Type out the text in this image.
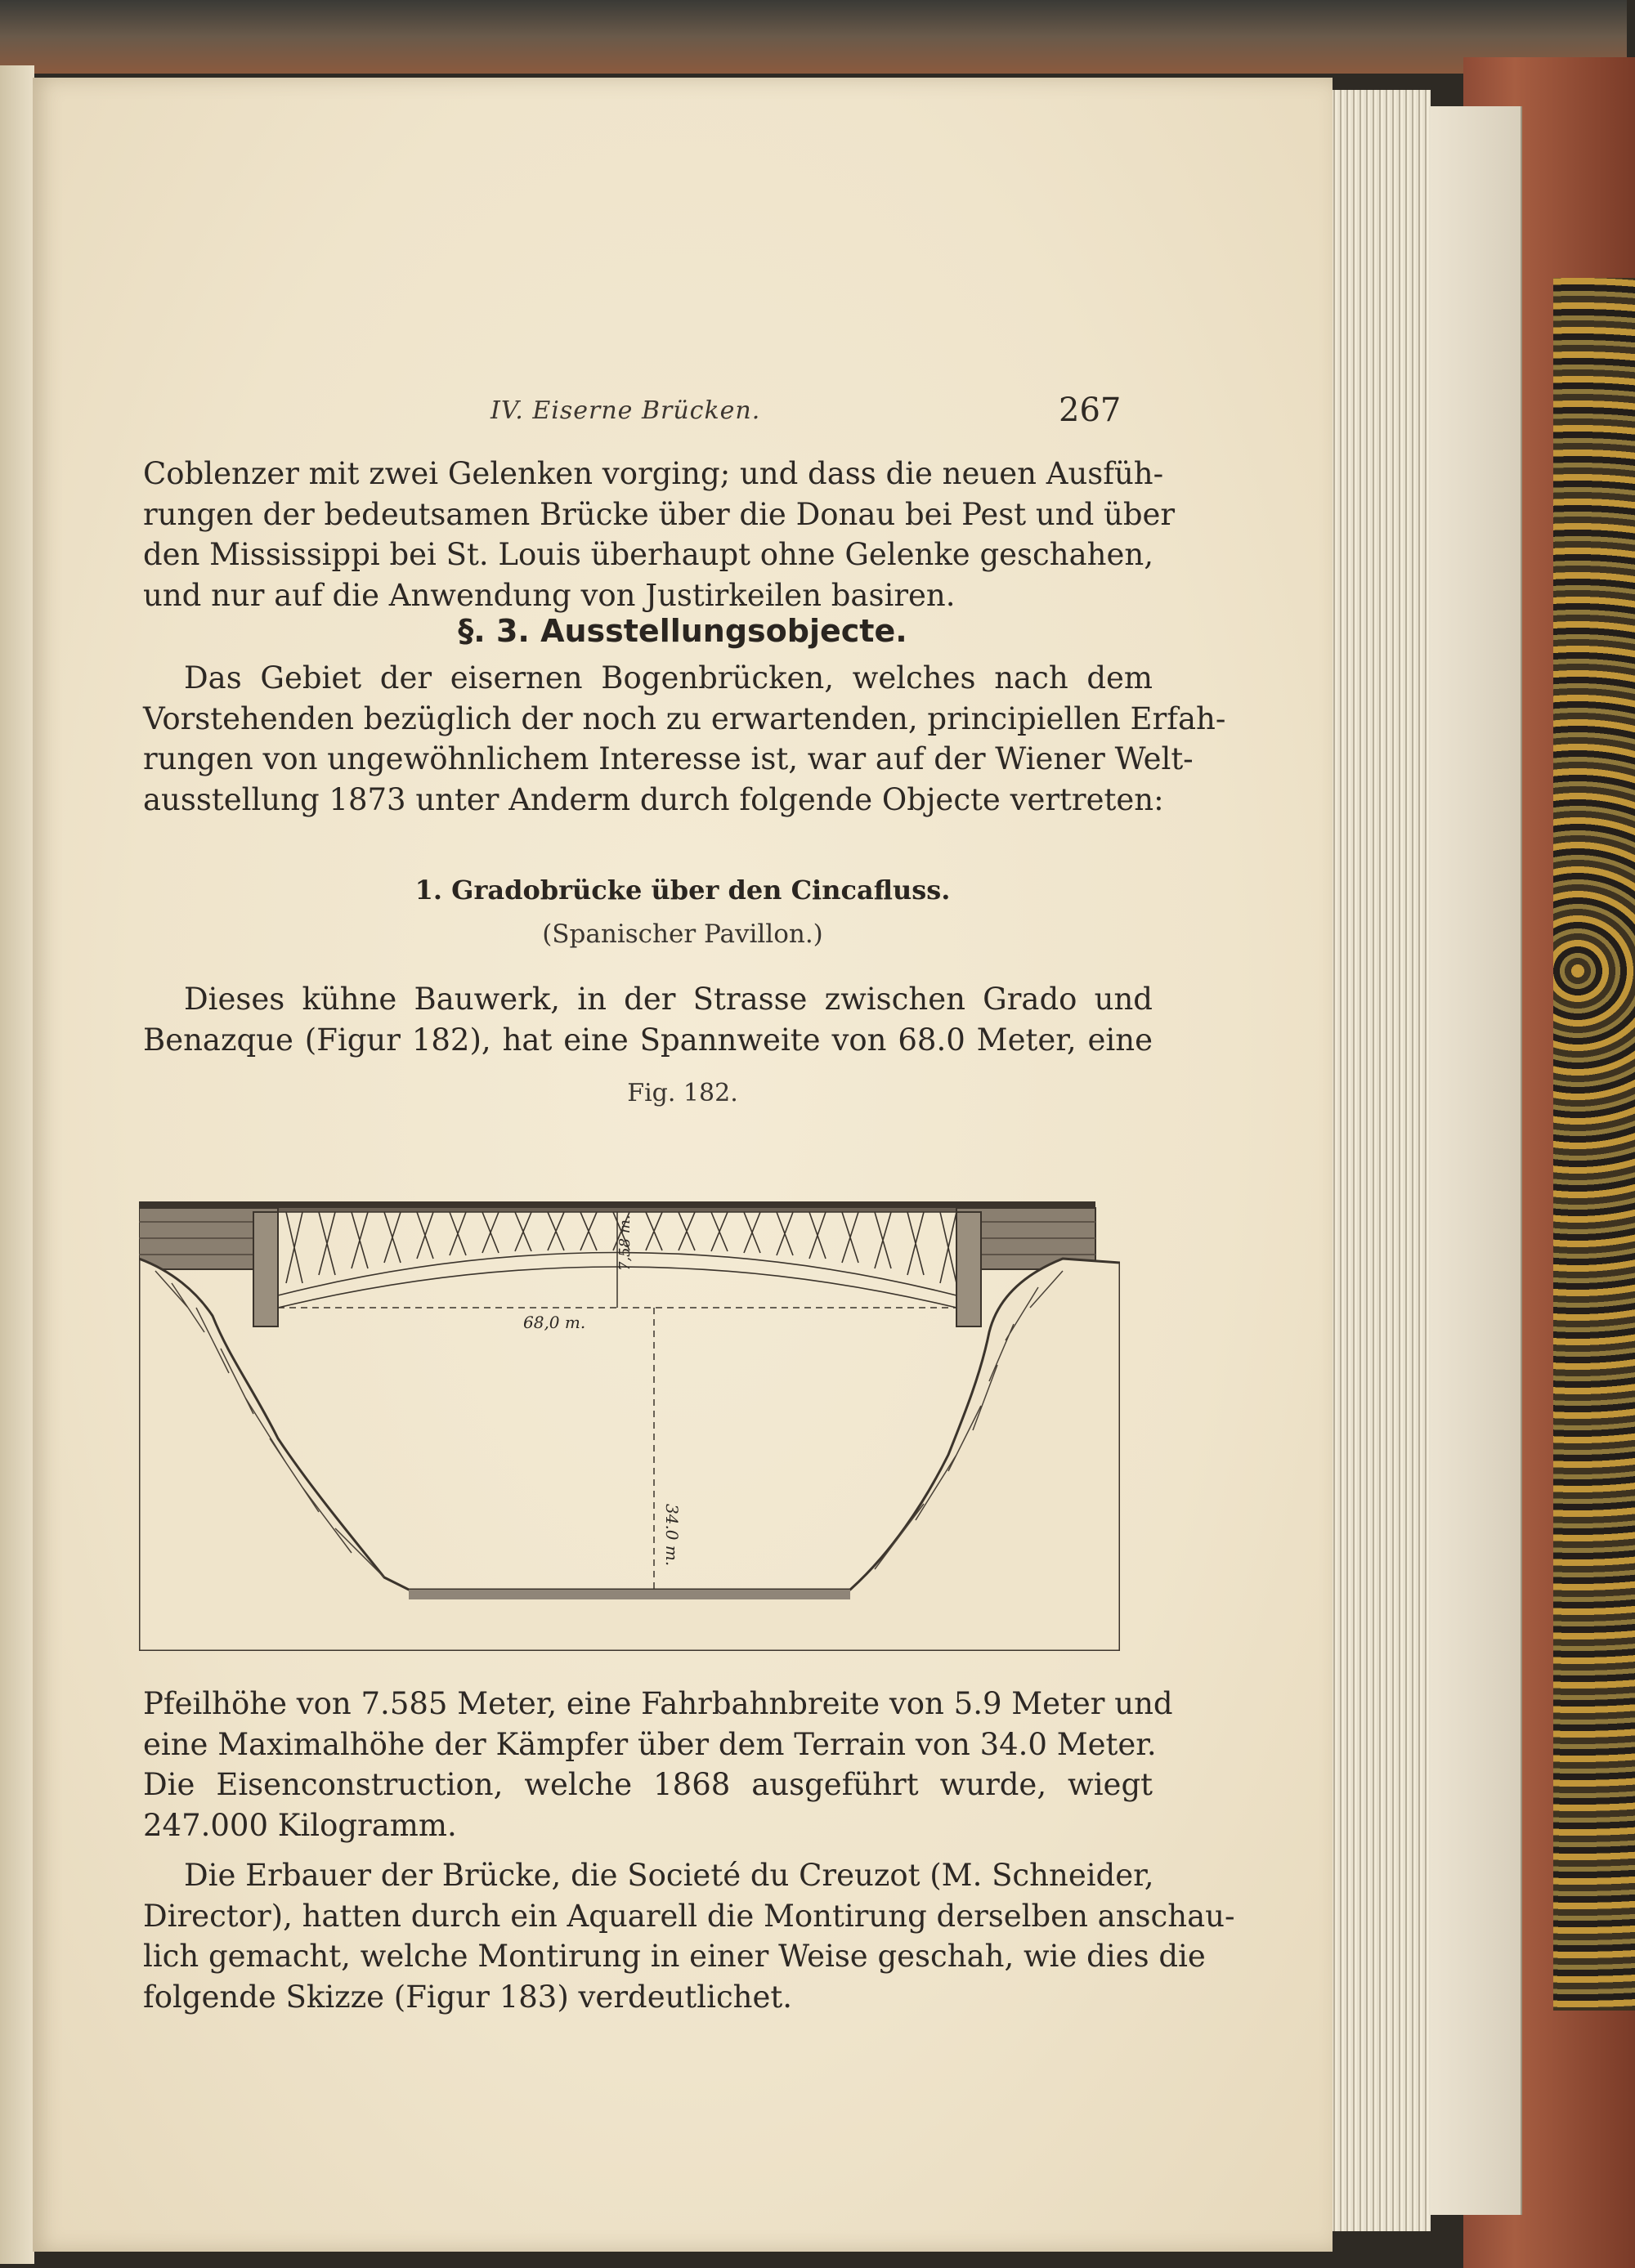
IV. Eiserne Brücken.	267
Coblenzer mit zwei Gelenken vorging; und dass die neuen Ausfüh-
rungen der bedeutsamen Brücke über die Donau bei Pest und über
den Mississippi bei St. Louis überhaupt ohne Gelenke geschahen,
und nur auf die Anwendung von Justirkeilen basiren.
§. 3. Ausstellungsobjecte.
Das Gebiet der eisernen Bogenbrücken, welches nach dem
Vorstehenden bezüglich der noch zu erwartenden, principiellen Erfah-
rungen von ungewöhnlichem Interesse ist, war auf der Wiener Welt-
ausstellung 1873 unter Anderm durch folgende Objecte vertreten:
1. Gradobrücke über den Cincafluss.
(Spanischer Pavillon.)
Dieses kühne Bauwerk, in der Strasse zwischen Grado und
Benazque (Figur 182), hat eine Spannweite von 68.0 Meter, eine
Fig. 182.
68,0 m.
7,58 m.
34.0 m.
Pfeilhöhe von 7.585 Meter, eine Fahrbahnbreite von 5.9 Meter und
eine Maximalhöhe der Kämpfer über dem Terrain von 34.0 Meter.
Die Eisenconstruction, welche 1868 ausgeführt wurde, wiegt
247.000 Kilogramm.
Die Erbauer der Brücke, die Societé du Creuzot (M. Schneider,
Director), hatten durch ein Aquarell die Montirung derselben anschau-
lich gemacht, welche Montirung in einer Weise geschah, wie dies die
folgende Skizze (Figur 183) verdeutlichet.
